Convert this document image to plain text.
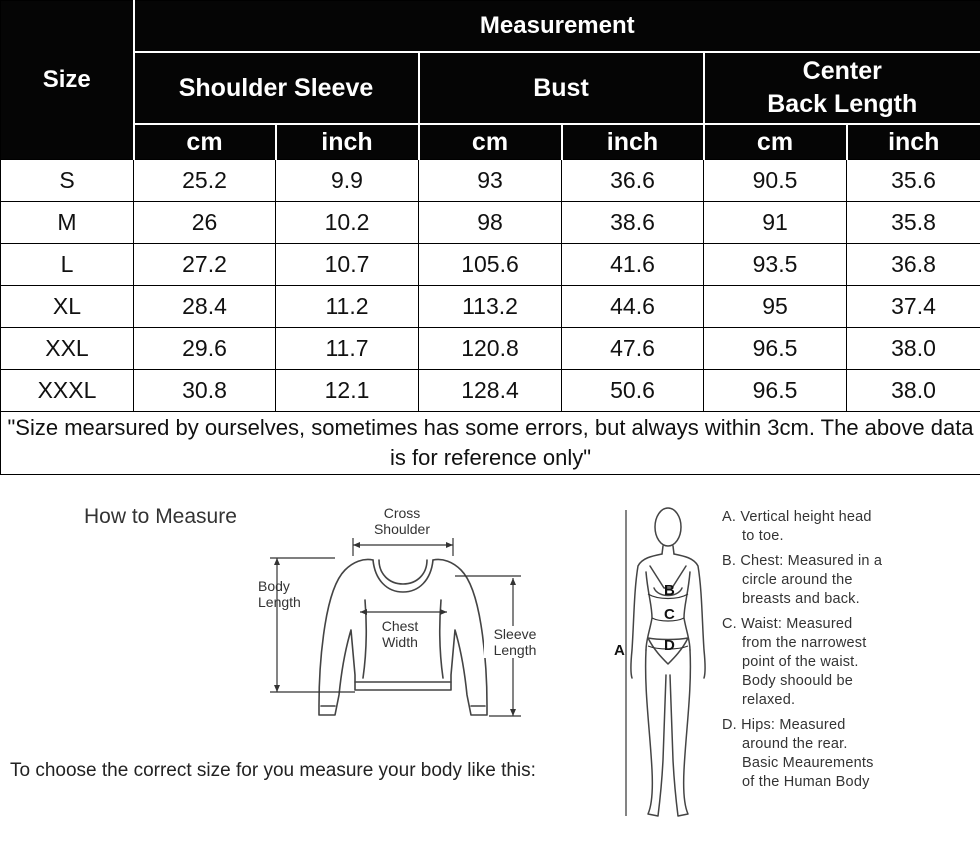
Size	Measurement					
	Shoulder Sleeve		Bust		Center
Back Length	
	cm	inch	cm	inch	cm	inch
S	25.2	9.9	93	36.6	90.5	35.6
M	26	10.2	98	38.6	91	35.8
L	27.2	10.7	105.6	41.6	93.5	36.8
XL	28.4	11.2	113.2	44.6	95	37.4
XXL	29.6	11.7	120.8	47.6	96.5	38.0
XXXL	30.8	12.1	128.4	50.6	96.5	38.0
"Size mearsured by ourselves, sometimes has some errors, but always within 3cm. The above data is for reference only"						
How to Measure	Cross
Shoulder
Body
Length
Chest
Width	Sleeve
Length
To choose the correct size for you measure your body like this:
A
B
C
D
A. Vertical height head
to toe.
B. Chest: Measured in a
circle around the
breasts and back.
C. Waist: Measured
from the narrowest
point of the waist.
Body shoould be
relaxed.
D. Hips: Measured
around the rear.
Basic Meaurements
of the Human Body
